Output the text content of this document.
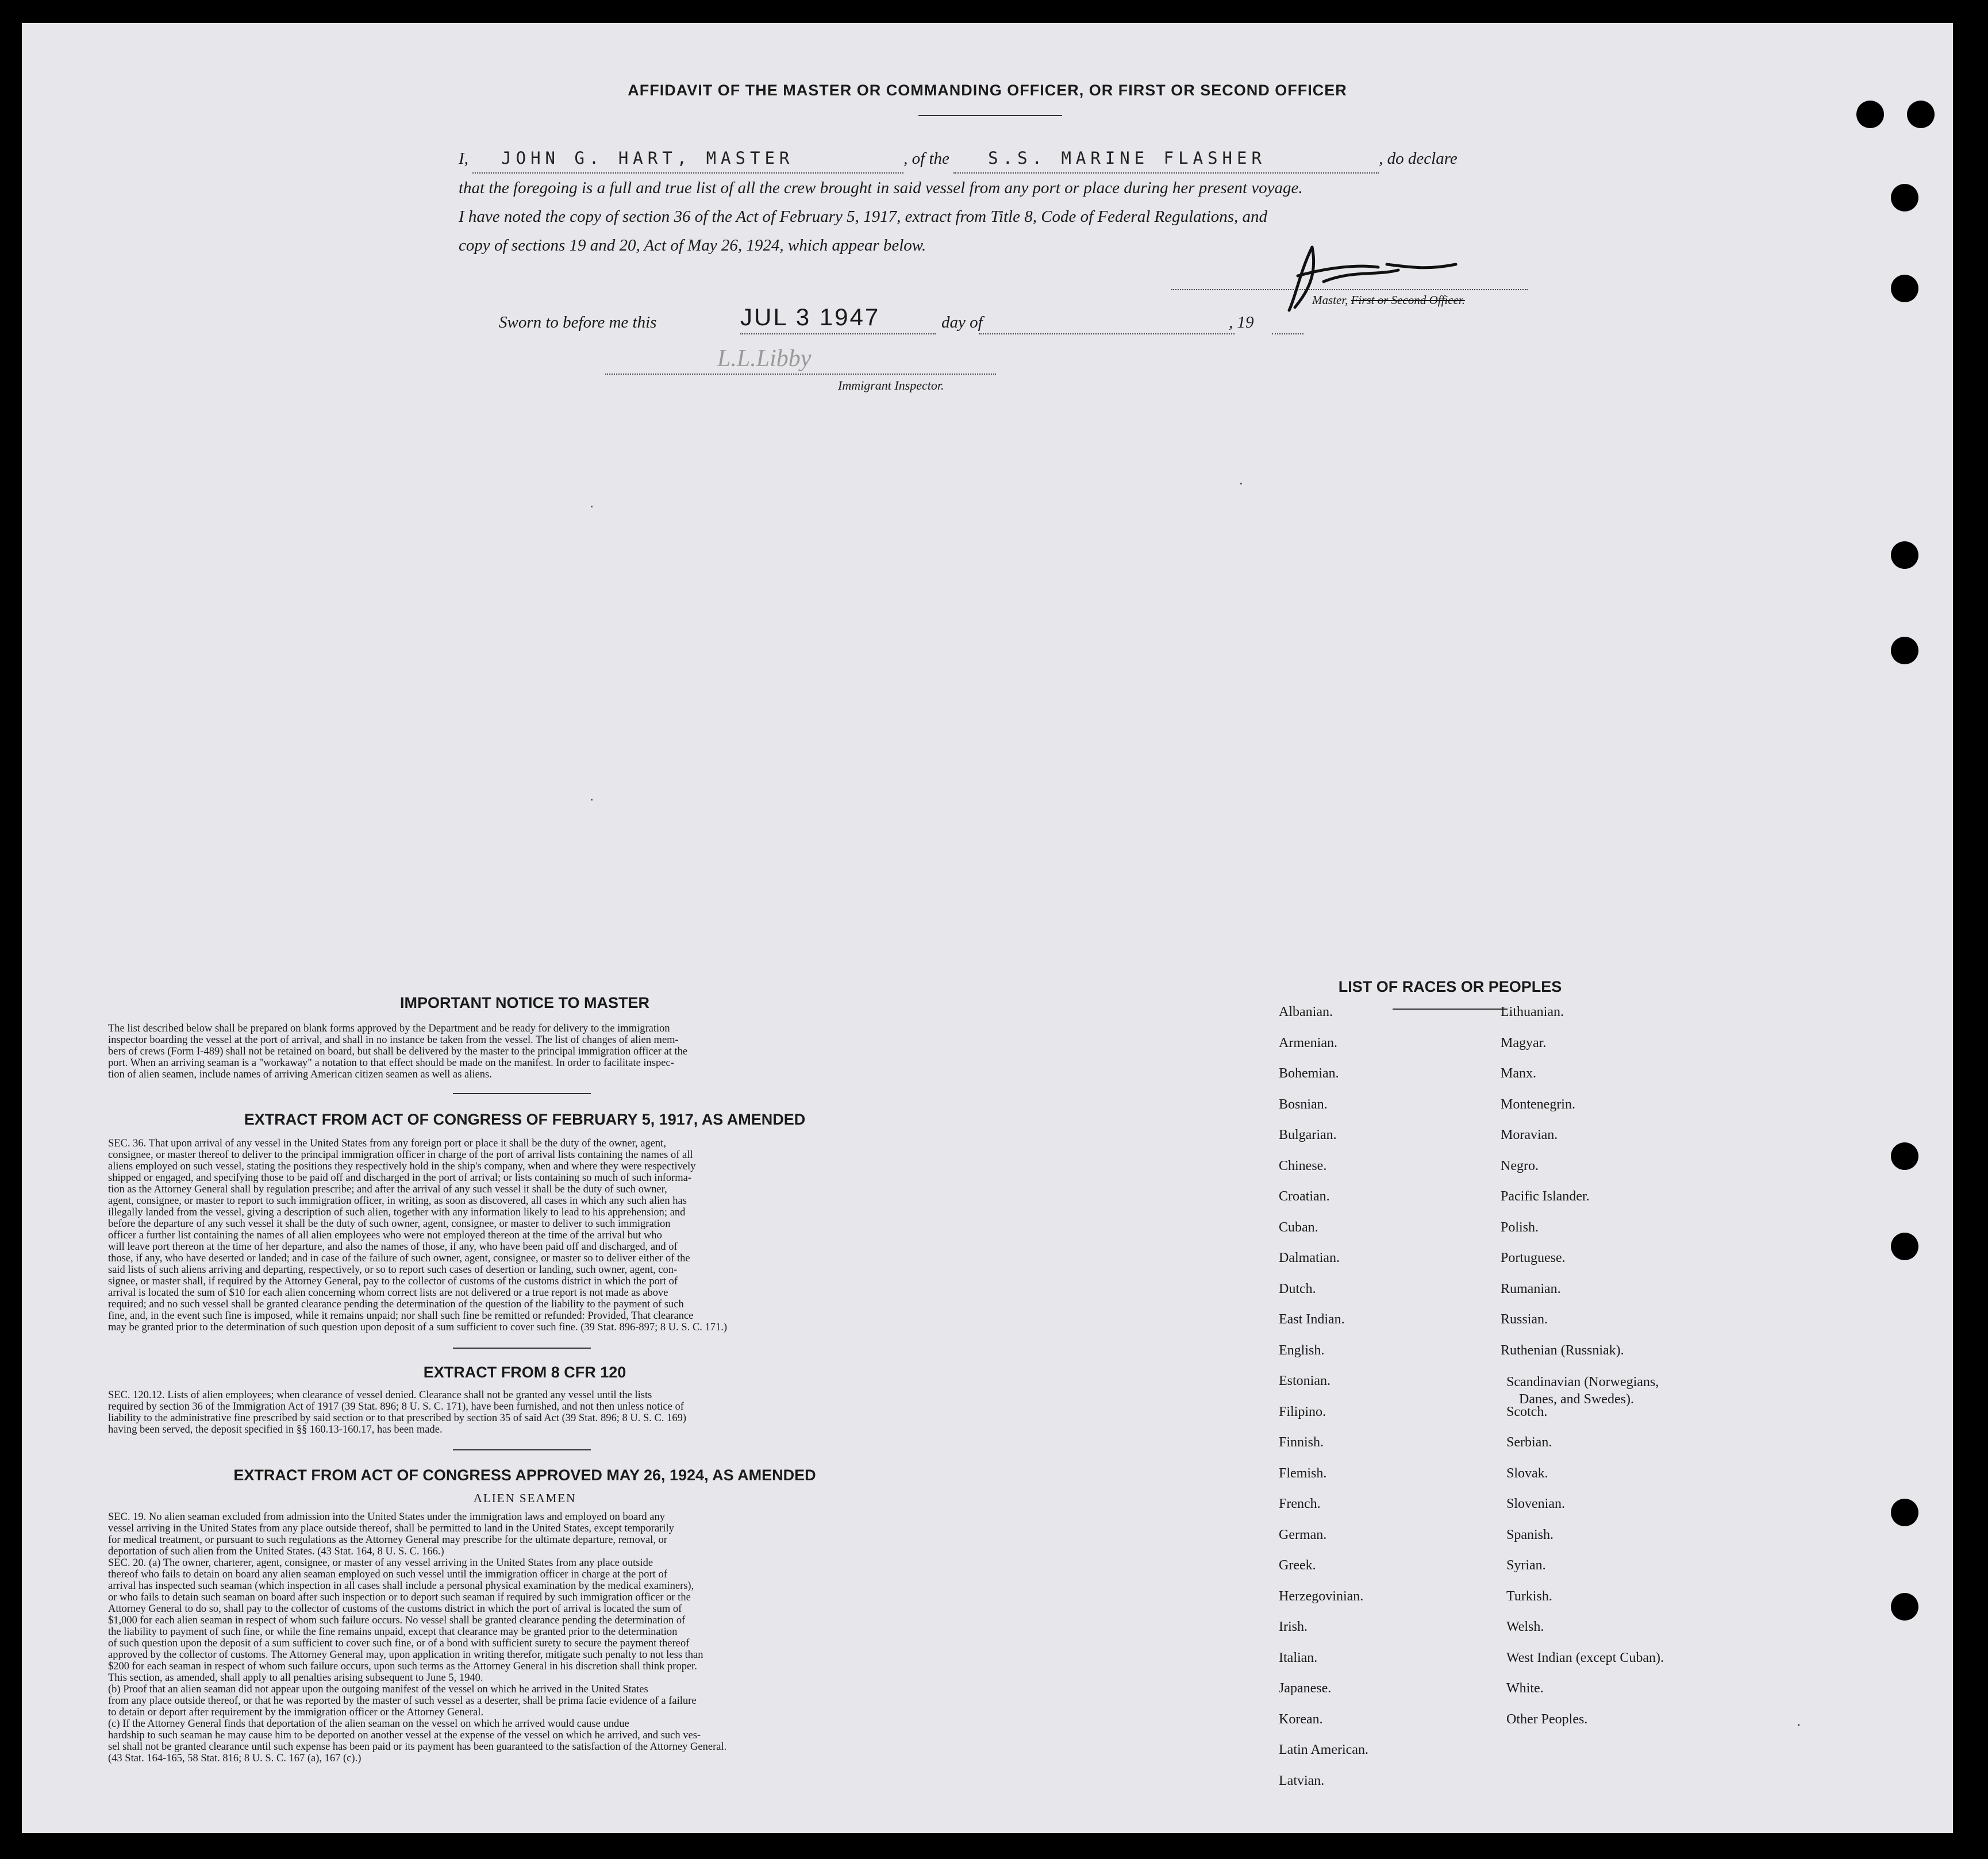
AFFIDAVIT OF THE MASTER OR COMMANDING OFFICER, OR FIRST OR SECOND OFFICER
I, JOHN G. HART, MASTER	, of the S.S. MARINE FLASHER	, do declare
that the foregoing is a full and true list of all the crew brought in said vessel from any port or place during her present voyage.
I have noted the copy of section 36 of the Act of February 5, 1917, extract from Title 8, Code of Federal Regulations, and
copy of sections 19 and 20, Act of May 26, 1924, which appear below.
Master, First or Second Officer.
Sworn to before me this	JUL 3 1947	day of	, 19
L.L.Libby
Immigrant Inspector.
IMPORTANT NOTICE TO MASTER
The list described below shall be prepared on blank forms approved by the Department and be ready for delivery to the immigration
inspector boarding the vessel at the port of arrival, and shall in no instance be taken from the vessel. The list of changes of alien mem-
bers of crews (Form I-489) shall not be retained on board, but shall be delivered by the master to the principal immigration officer at the
port. When an arriving seaman is a "workaway" a notation to that effect should be made on the manifest. In order to facilitate inspec-
tion of alien seamen, include names of arriving American citizen seamen as well as aliens.
EXTRACT FROM ACT OF CONGRESS OF FEBRUARY 5, 1917, AS AMENDED
SEC. 36. That upon arrival of any vessel in the United States from any foreign port or place it shall be the duty of the owner, agent,
consignee, or master thereof to deliver to the principal immigration officer in charge of the port of arrival lists containing the names of all
aliens employed on such vessel, stating the positions they respectively hold in the ship's company, when and where they were respectively
shipped or engaged, and specifying those to be paid off and discharged in the port of arrival; or lists containing so much of such informa-
tion as the Attorney General shall by regulation prescribe; and after the arrival of any such vessel it shall be the duty of such owner,
agent, consignee, or master to report to such immigration officer, in writing, as soon as discovered, all cases in which any such alien has
illegally landed from the vessel, giving a description of such alien, together with any information likely to lead to his apprehension; and
before the departure of any such vessel it shall be the duty of such owner, agent, consignee, or master to deliver to such immigration
officer a further list containing the names of all alien employees who were not employed thereon at the time of the arrival but who
will leave port thereon at the time of her departure, and also the names of those, if any, who have been paid off and discharged, and of
those, if any, who have deserted or landed; and in case of the failure of such owner, agent, consignee, or master so to deliver either of the
said lists of such aliens arriving and departing, respectively, or so to report such cases of desertion or landing, such owner, agent, con-
signee, or master shall, if required by the Attorney General, pay to the collector of customs of the customs district in which the port of
arrival is located the sum of $10 for each alien concerning whom correct lists are not delivered or a true report is not made as above
required; and no such vessel shall be granted clearance pending the determination of the question of the liability to the payment of such
fine, and, in the event such fine is imposed, while it remains unpaid; nor shall such fine be remitted or refunded: Provided, That clearance
may be granted prior to the determination of such question upon deposit of a sum sufficient to cover such fine. (39 Stat. 896-897; 8 U. S. C. 171.)
EXTRACT FROM 8 CFR 120
SEC. 120.12. Lists of alien employees; when clearance of vessel denied. Clearance shall not be granted any vessel until the lists
required by section 36 of the Immigration Act of 1917 (39 Stat. 896; 8 U. S. C. 171), have been furnished, and not then unless notice of
liability to the administrative fine prescribed by said section or to that prescribed by section 35 of said Act (39 Stat. 896; 8 U. S. C. 169)
having been served, the deposit specified in §§ 160.13-160.17, has been made.
EXTRACT FROM ACT OF CONGRESS APPROVED MAY 26, 1924, AS AMENDED
ALIEN SEAMEN
SEC. 19. No alien seaman excluded from admission into the United States under the immigration laws and employed on board any
vessel arriving in the United States from any place outside thereof, shall be permitted to land in the United States, except temporarily
for medical treatment, or pursuant to such regulations as the Attorney General may prescribe for the ultimate departure, removal, or
deportation of such alien from the United States. (43 Stat. 164, 8 U. S. C. 166.)
SEC. 20. (a) The owner, charterer, agent, consignee, or master of any vessel arriving in the United States from any place outside
thereof who fails to detain on board any alien seaman employed on such vessel until the immigration officer in charge at the port of
arrival has inspected such seaman (which inspection in all cases shall include a personal physical examination by the medical examiners),
or who fails to detain such seaman on board after such inspection or to deport such seaman if required by such immigration officer or the
Attorney General to do so, shall pay to the collector of customs of the customs district in which the port of arrival is located the sum of
$1,000 for each alien seaman in respect of whom such failure occurs. No vessel shall be granted clearance pending the determination of
the liability to payment of such fine, or while the fine remains unpaid, except that clearance may be granted prior to the determination
of such question upon the deposit of a sum sufficient to cover such fine, or of a bond with sufficient surety to secure the payment thereof
approved by the collector of customs. The Attorney General may, upon application in writing therefor, mitigate such penalty to not less than
$200 for each seaman in respect of whom such failure occurs, upon such terms as the Attorney General in his discretion shall think proper.
This section, as amended, shall apply to all penalties arising subsequent to June 5, 1940.
(b) Proof that an alien seaman did not appear upon the outgoing manifest of the vessel on which he arrived in the United States
from any place outside thereof, or that he was reported by the master of such vessel as a deserter, shall be prima facie evidence of a failure
to detain or deport after requirement by the immigration officer or the Attorney General.
(c) If the Attorney General finds that deportation of the alien seaman on the vessel on which he arrived would cause undue
hardship to such seaman he may cause him to be deported on another vessel at the expense of the vessel on which he arrived, and such ves-
sel shall not be granted clearance until such expense has been paid or its payment has been guaranteed to the satisfaction of the Attorney General.
(43 Stat. 164-165, 58 Stat. 816; 8 U. S. C. 167 (a), 167 (c).)
LIST OF RACES OR PEOPLES
Albanian.
Armenian.
Bohemian.
Bosnian.
Bulgarian.
Chinese.
Croatian.
Cuban.
Dalmatian.
Dutch.
East Indian.
English.
Estonian.
Filipino.
Finnish.
Flemish.
French.
German.
Greek.
Herzegovinian.
Irish.
Italian.
Japanese.
Korean.
Latin American.
Latvian.
Lithuanian.
Magyar.
Manx.
Montenegrin.
Moravian.
Negro.
Pacific Islander.
Polish.
Portuguese.
Rumanian.
Russian.
Ruthenian (Russniak).
Scandinavian (Norwegians,
Danes, and Swedes).
Scotch.
Serbian.
Slovak.
Slovenian.
Spanish.
Syrian.
Turkish.
Welsh.
West Indian (except Cuban).
White.
Other Peoples.
